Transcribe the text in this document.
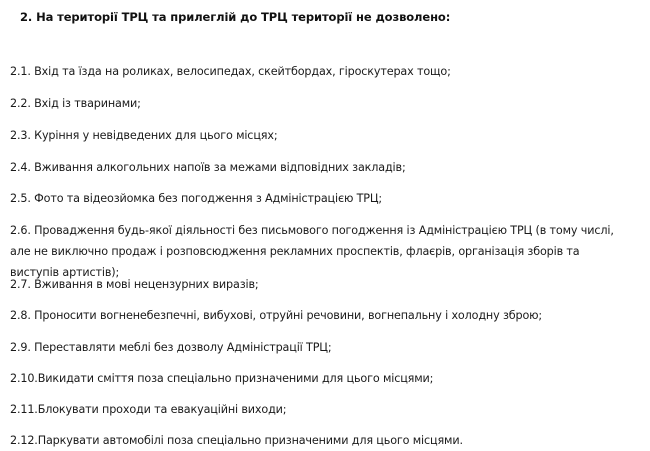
2. На території ТРЦ та прилеглій до ТРЦ території не дозволено:
2.1. Вхід та їзда на роликах, велосипедах, скейтбордах, гіроскутерах тощо;
2.2. Вхід із тваринами;
2.3. Куріння у невідведених для цього місцях;
2.4. Вживання алкогольних напоїв за межами відповідних закладів;
2.5. Фото та відеозйомка без погодження з Адміністрацією ТРЦ;
2.6. Провадження будь-якої діяльності без письмового погодження із Адміністрацією ТРЦ (в тому числі, але не виключно продаж і розповсюдження рекламних проспектів, флаєрів, організація зборів та виступів артистів);
2.7. Вживання в мові нецензурних виразів;
2.8. Проносити вогненебезпечні, вибухові, отруйні речовини, вогнепальну і холодну зброю;
2.9. Переставляти меблі без дозволу Адміністрації ТРЦ;
2.10.Викидати сміття поза спеціально призначеними для цього місцями;
2.11.Блокувати проходи та евакуаційні виходи;
2.12.Паркувати автомобілі поза спеціально призначеними для цього місцями.
